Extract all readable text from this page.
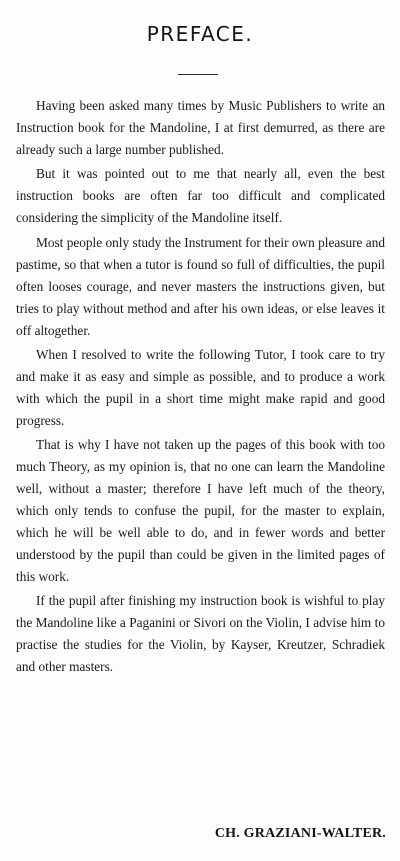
PREFACE.

Having been asked many times by Music Publishers to write an Instruction book for the Mandoline, I at first demurred, as there are already such a large number published.

But it was pointed out to me that nearly all, even the best instruction books are often far too difficult and complicated considering the simplicity of the Mandoline itself.

Most people only study the Instrument for their own pleasure and pastime, so that when a tutor is found so full of difficulties, the pupil often looses courage, and never masters the instructions given, but tries to play without method and after his own ideas, or else leaves it off altogether.

When I resolved to write the following Tutor, I took care to try and make it as easy and simple as possible, and to produce a work with which the pupil in a short time might make rapid and good progress.

That is why I have not taken up the pages of this book with too much Theory, as my opinion is, that no one can learn the Mandoline well, without a master; therefore I have left much of the theory, which only tends to confuse the pupil, for the master to explain, which he will be well able to do, and in fewer words and better understood by the pupil than could be given in the limited pages of this work.

If the pupil after finishing my instruction book is wishful to play the Mandoline like a Paganini or Sivori on the Violin, I advise him to practise the studies for the Violin, by Kayser, Kreutzer, Schradiek and other masters.

CH. GRAZIANI-WALTER.
